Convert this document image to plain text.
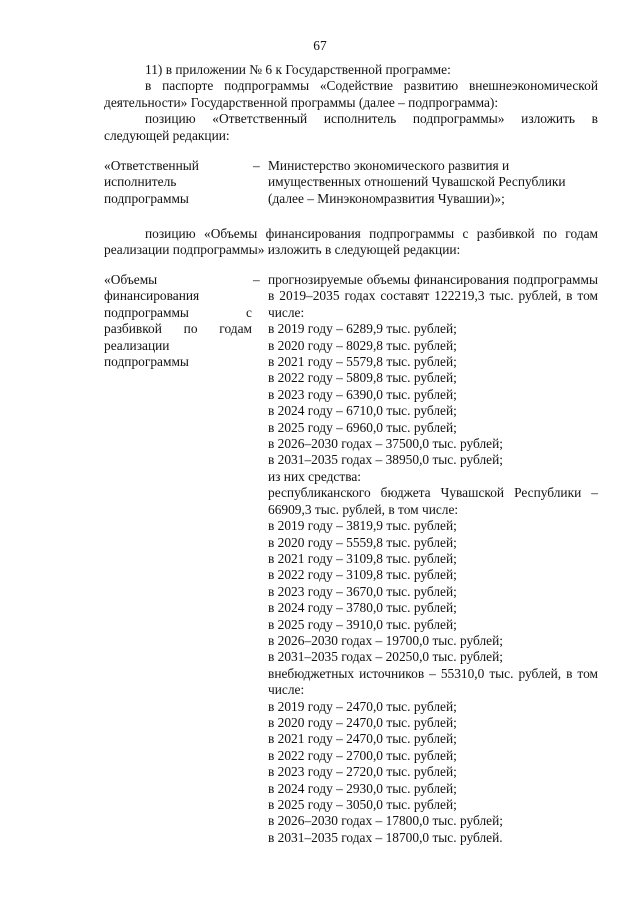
67

11) в приложении № 6 к Государственной программе:

в паспорте подпрограммы «Содействие развитию внешнеэкономической деятельности» Государственной программы (далее – подпрограмма):

позицию «Ответственный исполнитель подпрограммы» изложить в следующей редакции:

«Ответственный исполнитель подпрограммы
– Министерство экономического развития и имущественных отношений Чувашской Республики (далее – Минэкономразвития Чувашии)»;

позицию «Объемы финансирования подпрограммы с разбивкой по годам реализации подпрограммы» изложить в следующей редакции:

«Объемы финансирования подпрограммы с разбивкой по годам реализации подпрограммы
– прогнозируемые объемы финансирования подпрограммы в 2019–2035 годах составят 122219,3 тыс. рублей, в том числе:
в 2019 году – 6289,9 тыс. рублей;
в 2020 году – 8029,8 тыс. рублей;
в 2021 году – 5579,8 тыс. рублей;
в 2022 году – 5809,8 тыс. рублей;
в 2023 году – 6390,0 тыс. рублей;
в 2024 году – 6710,0 тыс. рублей;
в 2025 году – 6960,0 тыс. рублей;
в 2026–2030 годах – 37500,0 тыс. рублей;
в 2031–2035 годах – 38950,0 тыс. рублей;
из них средства:
республиканского бюджета Чувашской Республики – 66909,3 тыс. рублей, в том числе:
в 2019 году – 3819,9 тыс. рублей;
в 2020 году – 5559,8 тыс. рублей;
в 2021 году – 3109,8 тыс. рублей;
в 2022 году – 3109,8 тыс. рублей;
в 2023 году – 3670,0 тыс. рублей;
в 2024 году – 3780,0 тыс. рублей;
в 2025 году – 3910,0 тыс. рублей;
в 2026–2030 годах – 19700,0 тыс. рублей;
в 2031–2035 годах – 20250,0 тыс. рублей;
внебюджетных источников – 55310,0 тыс. рублей, в том числе:
в 2019 году – 2470,0 тыс. рублей;
в 2020 году – 2470,0 тыс. рублей;
в 2021 году – 2470,0 тыс. рублей;
в 2022 году – 2700,0 тыс. рублей;
в 2023 году – 2720,0 тыс. рублей;
в 2024 году – 2930,0 тыс. рублей;
в 2025 году – 3050,0 тыс. рублей;
в 2026–2030 годах – 17800,0 тыс. рублей;
в 2031–2035 годах – 18700,0 тыс. рублей.
